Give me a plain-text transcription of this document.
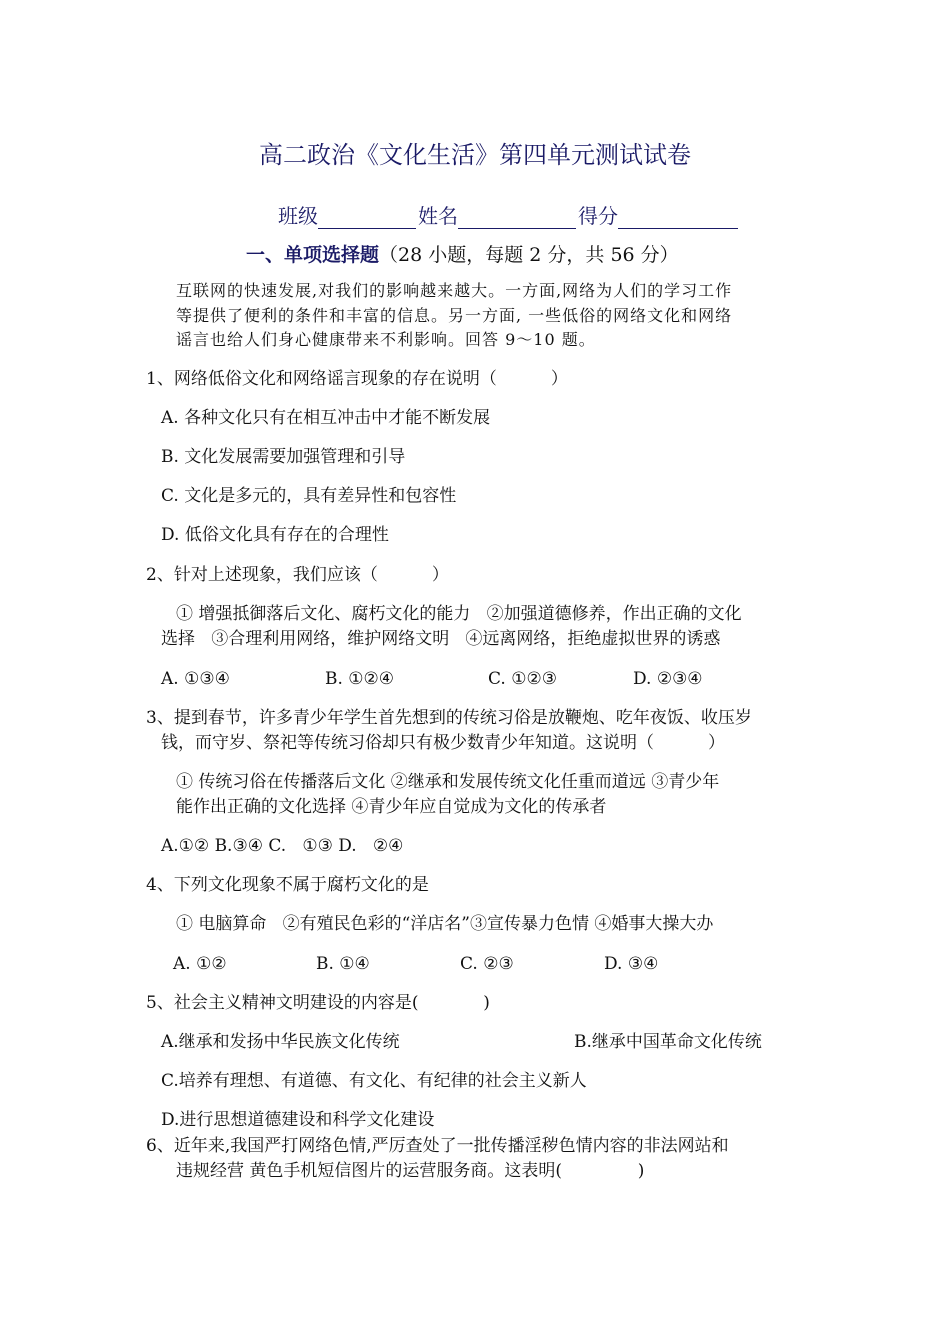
高二政治《文化生活》第四单元测试试卷
班级	姓名	得分
一、单项选择题（28 小题，每题 2 分，共 56 分）
互联网的快速发展,对我们的影响越来越大。一方面,网络为人们的学习工作
等提供了便利的条件和丰富的信息。另一方面, 一些低俗的网络文化和网络
谣言也给人们身心健康带来不利影响。回答 9～10 题。
1、网络低俗文化和网络谣言现象的存在说明（          ）
A. 各种文化只有在相互冲击中才能不断发展
B. 文化发展需要加强管理和引导
C. 文化是多元的，具有差异性和包容性
D. 低俗文化具有存在的合理性
2、针对上述现象，我们应该（          ）
① 增强抵御落后文化、腐朽文化的能力   ②加强道德修养，作出正确的文化
选择   ③合理利用网络，维护网络文明   ④远离网络，拒绝虚拟世界的诱惑
A. ①③④	B. ①②④	C. ①②③	D. ②③④
3、提到春节，许多青少年学生首先想到的传统习俗是放鞭炮、吃年夜饭、收压岁
钱，而守岁、祭祀等传统习俗却只有极少数青少年知道。这说明（          ）
① 传统习俗在传播落后文化 ②继承和发展传统文化任重而道远 ③青少年
能作出正确的文化选择 ④青少年应自觉成为文化的传承者
A.①② B.③④ C.   ①③ D.   ②④
4、下列文化现象不属于腐朽文化的是
① 电脑算命   ②有殖民色彩的“洋店名”③宣传暴力色情 ④婚事大操大办
A. ①②	B. ①④	C. ②③	D. ③④
5、社会主义精神文明建设的内容是(            )
A.继承和发扬中华民族文化传统	B.继承中国革命文化传统
C.培养有理想、有道德、有文化、有纪律的社会主义新人
D.进行思想道德建设和科学文化建设
6、近年来,我国严打网络色情,严厉查处了一批传播淫秽色情内容的非法网站和
违规经营 黄色手机短信图片的运营服务商。这表明(              )
